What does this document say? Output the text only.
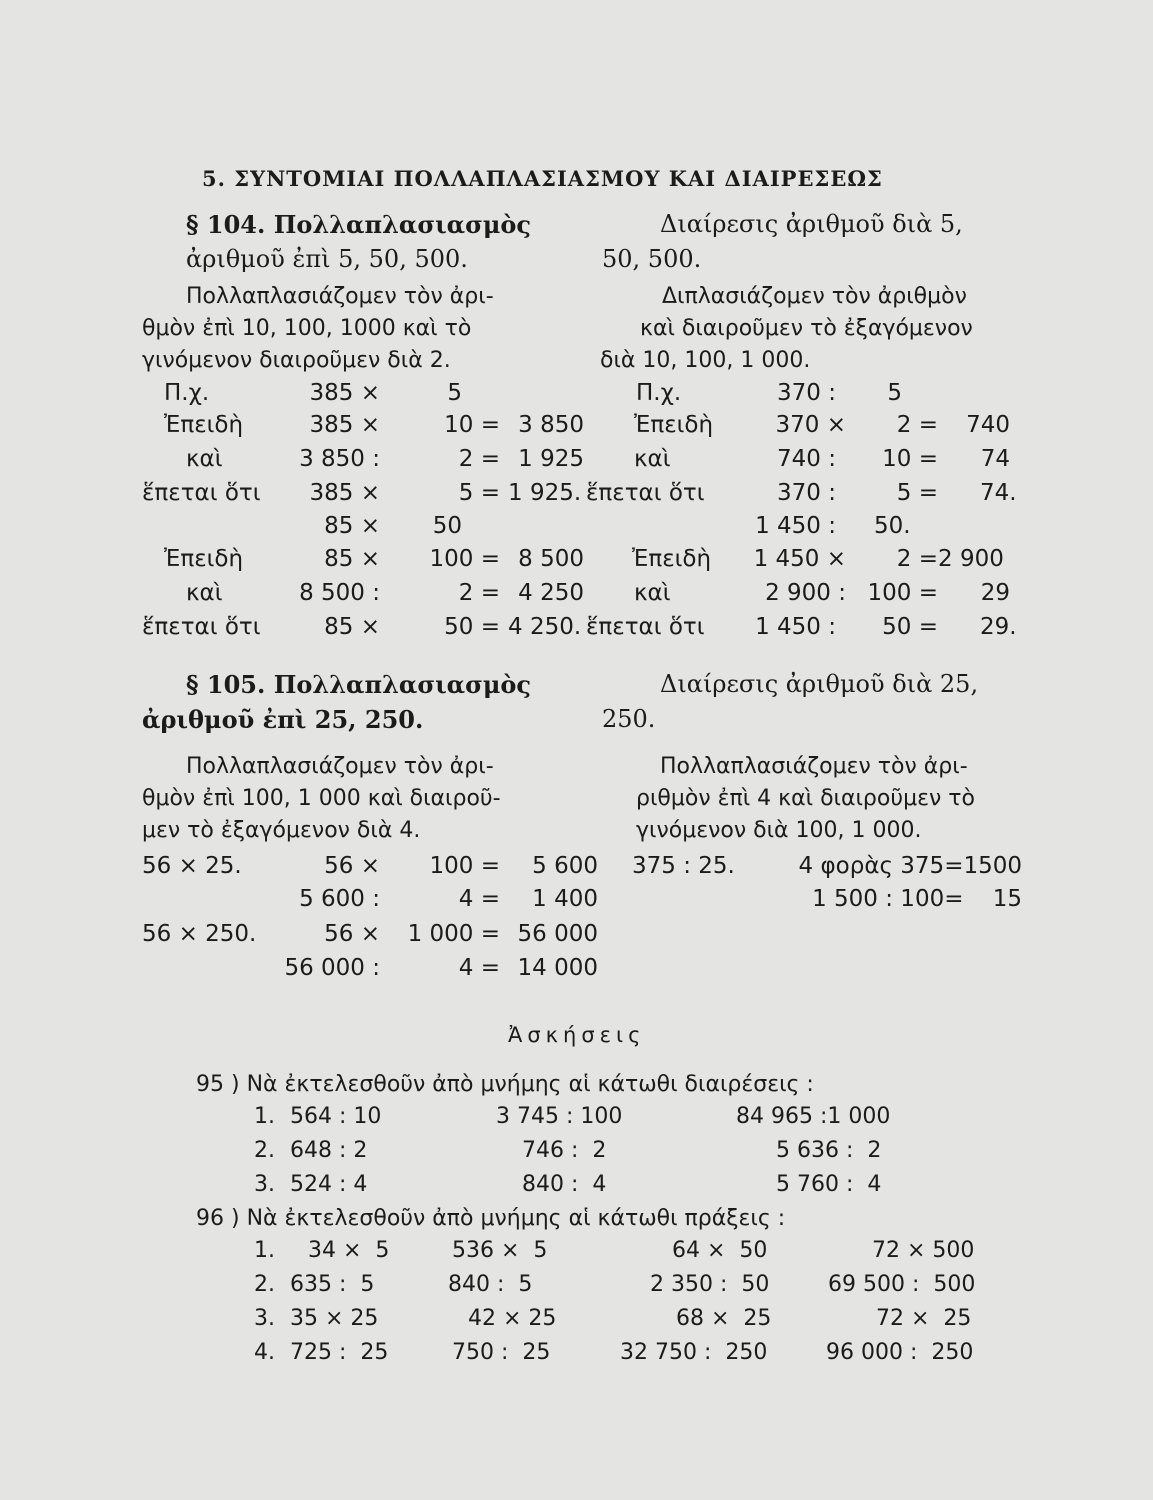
5. ΣΥΝΤΟΜΙΑΙ ΠΟΛΛΑΠΛΑΣΙΑΣΜΟΥ ΚΑΙ ΔΙΑΙΡΕΣΕΩΣ
§ 104. Πολλαπλασιασμὸς
ἀριθμοῦ ἐπὶ 5, 50, 500.
Διαίρεσις ἀριθμοῦ διὰ 5,
50, 500.
Πολλαπλασιάζομεν τὸν ἀρι-
θμὸν ἐπὶ 10, 100, 1000 καὶ τὸ
γινόμενον διαιροῦμεν διὰ 2.
Διπλασιάζομεν τὸν ἀριθμὸν
καὶ διαιροῦμεν τὸ ἐξαγόμενον
διὰ 10, 100, 1 000.
Π.χ.	385 ×	5
Ἐπειδὴ	385 ×	10 = 3 850
καὶ	3 850 :	2 = 1 925
ἕπεται ὅτι	385 ×	5 = 1 925.
85 ×	50
Ἐπειδὴ	85 ×	100 = 8 500
καὶ	8 500 :	2 = 4 250
ἕπεται ὅτι	85 ×	50 = 4 250.
Π.χ.	370 :	5
Ἐπειδὴ	370 ×	2 =	740
καὶ	740 :	10 =	74
ἕπεται ὅτι	370 :	5 = 74.
1 450 : 50.
Ἐπειδὴ	1 450 ×	2 = 2 900
καὶ	2 900 : 100 =	29
ἕπεται ὅτι	1 450 :	50 = 29.
§ 105. Πολλαπλασιασμὸς
ἀριθμοῦ ἐπὶ 25, 250.
Διαίρεσις ἀριθμοῦ διὰ 25,
250.
Πολλαπλασιάζομεν τὸν ἀρι-
θμὸν ἐπὶ 100, 1 000 καὶ διαιροῦ-
μεν τὸ ἐξαγόμενον διὰ 4.
Πολλαπλασιάζομεν τὸν ἀρι-
ριθμὸν ἐπὶ 4 καὶ διαιροῦμεν τὸ
γινόμενον διὰ 100, 1 000.
56 × 25.	56 ×	100 =	5 600
5 600 :	4 =	1 400
56 × 250.	56 ×	1 000 = 56 000
56 000 :	4 = 14 000
375 : 25.	4 φορὰς 375=1500
1 500 : 100=    15
Ἀσκήσεις
95 ) Νὰ ἐκτελεσθοῦν ἀπὸ μνήμης αἱ κάτωθι διαιρέσεις :
1. 564 : 10	3 745 : 100	84 965 :1 000
2. 648 : 2	746 :  2	5 636 :  2
3. 524 : 4	840 :  4	5 760 :  4
96 ) Νὰ ἐκτελεσθοῦν ἀπὸ μνήμης αἱ κάτωθι πράξεις :
1. 34 ×  5	536 ×  5	64 ×  50	72 × 500
2. 635 :  5	840 :  5	2 350 :  50	69 500 :  500
3. 35 × 25	42 × 25	68 ×  25	72 ×  25
4. 725 :  25	750 :  25	32 750 :  250	96 000 :  250
